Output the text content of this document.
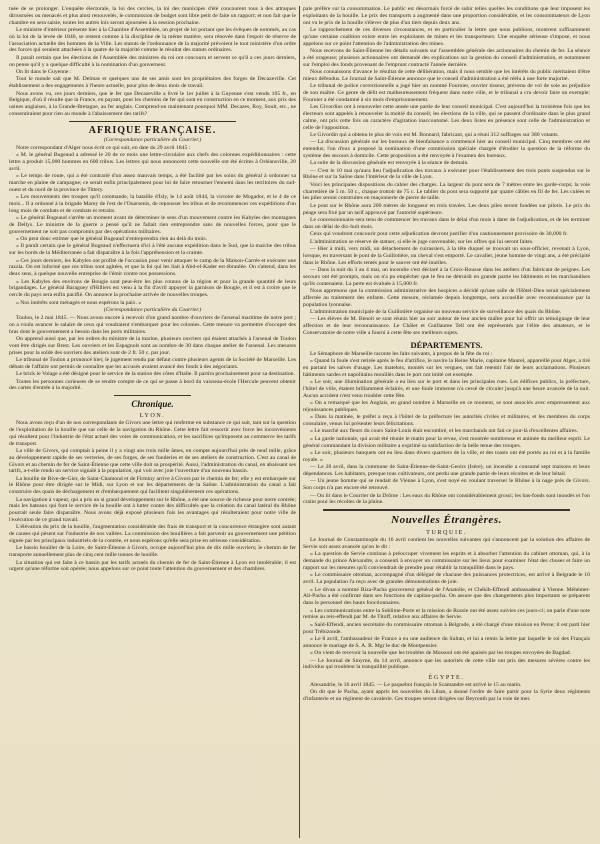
tuée de se prolonger. L'enquête électorale, la loi des cercles, la loi des municipes d'été concourent tous à des attraques dirrostsées ou menacés et plus ainsi renouvelés, le commission de budget sont libre petit de faite un rapport; et non fait que le chambre en sera saisie, toutes les autres lois seront ajournées à la session prochaine.

Le ministre d'intérieur présente hier à la Chambre d'Assemblée, un projet de loi portant que les évêques de nommés, au cas où la loi de la levée de 1846, se restent comme à la discipline de la même matière, sera rénovée dans l'espoir de réserve de l'association actuelle des hommes de la Ville. Les statuts de l'ordonnance de la majorité prévoient le tout ministère d'un ordre des forces qui seraient attachées à la quatre de la majorité comme le résultat des statuts ordinaires.

Il paraît certain que les élections de l'Assemblée des ministres du roi ont concouru et servent ce qu'il a ces jours derniers, on pense qu'il y a quelque difficulté à la nomination d'un gouverneur.

On lit dans le Guyenne :

Tout le monde sait que M. Delmas et quelques uns de ses amis sont les propriétaires des forges de Decazeville. Cet établissement a des engagements à l'heure actuelle, pour plus de deux mois de travail.

Nous avons vu, ces jours derniers, que le fer que Decazeville a livré le 1er juillet à la Guyenne s'est vendu 105 fr., en Belgique, d'où il résulte que la France, en payant, pour les chemins de fer qui sont en construction en ce moment, aux prix des usines anglaises, à la Grande-Bretagne, au fer anglais. Comprend-on maintenant pourquoi MM. Decazes, Roy, Soult, etc., ne consentiraient pour rien au monde à l'abaissement des tarifs?

AFRIQUE FRANÇAISE.
(Correspondance particulière du Courrier.)

Notre correspondant d'Alger nous écrit ce qui suit, en date du 29 avril 1845 :

« M. le général Bugeaud a adressé le 20 de ce mois une lettre-circulaire aux chefs des colonnes expéditionnaires : cette lettre a produit 15,000 hommes en 600 tribus. Les lettres qui nous annoncent cette nouvelle ont été écrites à Orléansville, 20 avril.

« Le temps de route, qui a été contrarié d'un assez mauvais temps, a été facilité par les soins du général à ordonner sa marche en plaine de campagne; ce serait enfin principalement pour lui de faire retourner l'ennemi dans les territoires du sud-ouest et du nord de la province de Tittery.

« Les mouvements des troupes qu'il commande, la bataille d'Isly, le 14 août 1844, la victoire de Mogador, et le 4 de ce mois... Il a ordonné à la brigade Marey de l'est de l'Ouarsenis, de repousser les tribus et de recommencer ces expéditions d'un long mois de combats et de combats et retraits.

« Le général Bugeaud s'arrête un moment avant de déterminer le sens d'un mouvement contre les Kabyles des montagnes de Dellys. Le ministre de la guerre a pensé qu'il ne fallait rien entreprendre sans de nouvelles forces, pour que le gouvernement ne soit pas compromis par des opérations militaires.

« On peut donc estimer que le général Bugeaud n'entreprendra rien au delà du mois.

« Il paraît certain que le général Bugeaud n'effectuera d'ici à l'été aucune expédition dans le Sud, que la marche des tribus sur les bords de la Méditerranée a fait disparaître à la fois l'appréhension et la crainte.

« Ces jours derniers, les Kabyles ont profité de l'occasion pour venir attaquer le camp de la Maison-Carrée et exécuter une razzia. On est informé que ces tribus sont agitées, et que la foi qui les liait à Abd-el-Kader est ébranlée. On s'attend, dans les deux sens, à quelque nouvelle entreprise de l'émir contre nos possessions.

« Les Kabyles des environs de Bougie sont peut-être les plus connus de la région et pour la grande quantité de leurs brigandages. Le général Baraguey d'Hilliers est venu à la fin d'avril appuyer la garnison de Bougie, et il est à croire que le cercle du pays sera enfin pacifié. On annonce la prochaine arrivée de nouvelles troupes.

« Nos intérêts sont ménagés et nous espérons la paix. »

(Correspondance particulière du Courrier.)

Toulon, le 2 mai 1845. — Nous avons encore à recevoir d'un grand nombre d'ouvriers de l'arsenal maritime de notre port ; on a voulu avancer le salaire de ceux qui voudraient s'embarquer pour les colonies. Cette mesure va permettre d'occuper des bras dont le gouvernement a besoin dans les ports militaires.

On apprend aussi que, par les ordres du ministre de la marine, plusieurs ouvriers qui étaient attachés à l'arsenal de Toulon vont être dirigés sur Brest. Les ouvriers et les Espagnols sont au nombre de 30 dans chaque atelier de l'arsenal. Les mesures prises pour la solde des ouvriers des ateliers sont de 2 fr. 50 c. par jour.

Le tribunal de Toulon a prononcé hier, le jugement rendu par défaut contre plusieurs agents de la Société de Marseille. Les débats de l'affaire ont permis de connaître que les accusés avaient avancé des fonds à des négociants.

Le brick le Volage a été désigné pour le service de la station des côtes d'Italie. Il partira prochainement pour sa destination.

Toutes les personnes curieuses de se rendre compte de ce qui se passe à bord du vaisseau-école l'Hercule peuvent obtenir des cartes d'entrée à la majorité.

Chronique.
LYON.

Nous avons reçu d'un de nos correspondants de Givors une lettre qui renferme en substance ce qui suit, tant sur la question de l'exploitation de la houille que sur celle de la navigation du Rhône. Cette lettre fait ressortir avec force les inconvénients qui résultent pour l'industrie de l'état actuel des voies de communication, et les sacrifices qu'imposent au commerce les tarifs de transport.

La ville de Givors, qui comptait à peine il y a vingt ans trois mille âmes, en compte aujourd'hui près de neuf mille, grâce au développement rapide de ses verreries, de ses forges, de ses fonderies et de ses ateliers de construction. C'est au canal de Givors et au chemin de fer de Saint-Étienne que cette ville doit sa prospérité. Aussi, l'administration du canal, en abaissant ses tarifs, a-t-elle rendu un service signalé à la population, qui voit avec joie l'ouverture d'un nouveau bassin.

La houille de Rive-de-Gier, de Saint-Chamond et de Firminy arrive à Givors par le chemin de fer; elle y est embarquée sur le Rhône pour être dirigée sur le Midi, sur Lyon et sur les départements de la Saône. L'administration du canal a fait construire des quais de déchargement et d'embarquement qui facilitent singulièrement ces opérations.

La navigation à vapeur, qui a pris un si grand développement sur le Rhône, a été une source de richesse pour notre contrée; mais les bateaux qui font le service de la houille ont à lutter contre des difficultés que la création du canal latéral du Rhône pourrait seule faire disparaître. Nous avons déjà exposé plusieurs fois les avantages qui résulteraient pour notre ville de l'exécution de ce grand travail.

L'élévation du prix de la houille, l'augmentation considérable des frais de transport et la concurrence étrangère sont autant de causes qui pèsent sur l'industrie de nos vallées. La commission des houillères a fait parvenir au gouvernement une pétition signée par les principaux industriels de la contrée, et nous espérons qu'elle sera prise en sérieuse considération.

Le bassin houiller de la Loire, de Saint-Étienne à Givors, occupe aujourd'hui plus de dix mille ouvriers; le chemin de fer transporte annuellement plus de cinq cent mille tonnes de houille.

La situation qui est faite à ce bassin par les tarifs actuels du chemin de fer de Saint-Étienne à Lyon est intolérable; il est urgent qu'une réforme soit opérée; nous appelons sur ce point toute l'attention du gouvernement et des chambres.

pale préfère sur la consommation. Le public est désormais forcé de subir telles quelles les conditions que leur imposent les exploitants de la houille. Le prix des transports a augmenté dans une proportion considérable, et les consommateurs de Lyon ont vu le prix de la houille s'élever de plus d'un tiers depuis deux ans.

Le rapprochement de ces diverses circonstances, et en particulier la lettre que nous publions, montrent suffisamment qu'une certaine coalition existe entre les exploitants de mines et les transporteurs. Une enquête sérieuse s'impose, et nous appelons sur ce point l'attention de l'administration des mines.

Nous recevons de Saint-Étienne les détails suivants sur l'assemblée générale des actionnaires du chemin de fer. La séance a été orageuse; plusieurs actionnaires ont demandé des explications sur la gestion du conseil d'administration, et notamment sur l'emploi des fonds provenant de l'emprunt contracté l'année dernière.

Nous connaissons d'avance le résultat de cette délibération, mais il nous semble que les intérêts du public méritaient d'être mieux défendus. Le Journal de Saint-Étienne annonce que le conseil d'administration a été réélu à une forte majorité.

Le tribunal de police correctionnelle a jugé hier un nommé Fournier, ouvrier tisseur, prévenu de vol de soie au préjudice de son maître. Ce genre de délit est malheureusement fréquent dans notre ville, et le tribunal a cru devoir faire un exemple; Fournier a été condamné à six mois d'emprisonnement.

Les Givordins ont à renouveler cette année une partie de leur conseil municipal. C'est aujourd'hui la troisième fois que les électeurs sont appelés à renouveler la moitié du conseil; les élections de la ville, qui se passent d'ordinaire dans le plus grand calme, ont pris cette fois un caractère d'agitation inaccoutumé. Les deux listes en présence sont celle de l'administration et celle de l'opposition.

Le Givordin qui a obtenu le plus de voix est M. Bonnard, fabricant, qui a réuni 312 suffrages sur 380 votants.

— La discussion générale sur les bureaux de bienfaisance a commencé hier au conseil municipal. Cinq membres ont été entendus; l'un d'eux a proposé la nomination d'une commission spéciale chargée d'étudier la question de la réforme du système des secours à domicile. Cette proposition a été renvoyée à l'examen des bureaux.

La suite de la discussion générale est renvoyée à la séance de demain.

— C'est le 10 mai qu'aura lieu l'adjudication des travaux à exécuter pour l'établissement des trois ponts suspendus sur le Rhône et sur la Saône dans l'intérieur de la ville de Lyon.

Voici les principales dispositions du cahier des charges. La largeur du pont sera de 7 mètres entre les garde-corps; la voie charretière de 5 m. 50 c., chaque trottoir de 75 c. Le tablier du pont sera supporté par quatre câbles en fil de fer. Les culées et les piles seront construites en maçonnerie de pierre de taille.

Le pont sur le Rhône aura 200 mètres de longueur en trois travées. Les deux piles seront fondées sur pilotis. Le prix du péage sera fixé par un tarif approuvé par l'autorité supérieure.

Le concessionnaire sera tenu de commencer les travaux dans le délai d'un mois à dater de l'adjudication, et de les terminer dans un délai de dix-huit mois.

Ceux qui voudront concourir pour cette adjudication devront justifier d'un cautionnement provisoire de 30,000 fr.

L'administration se réserve de statuer, si elle le juge convenable, sur les offres qui lui seront faites.

— Hier à midi, vers midi, un détachement de cuirassiers, à la tête duquel se trouvait un sous-officier, revenait à Lyon, lorsque, en traversant le pont de la Guillotière, un cheval s'est emporté. Le cavalier, jeune homme de vingt ans, a été précipité dans le Rhône. Les efforts tentés pour le sauver ont été inutiles.

— Dans la nuit du 3 au 4 mai, un incendie s'est déclaré à la Croix-Rousse dans les ateliers d'un fabricant de peignes. Les secours ont été prompts, mais on n'a pu empêcher que le feu ne détruisît en grande partie les bâtiments et les marchandises qu'ils contenaient. La perte est évaluée à 15,000 fr.

Nous apprenons que la commission administrative des hospices a décidé qu'une salle de l'Hôtel-Dieu serait spécialement affectée au traitement des enfants. Cette mesure, réclamée depuis longtemps, sera accueillie avec reconnaissance par la population lyonnaise.

L'administration municipale de la Guillotière organise un nouveau service de surveillance des quais du Rhône.

— Les élèves de M. Benoit se sont réunis hier au soir autour de leur ancien maître pour lui offrir un témoignage de leur affection et de leur reconnaissance. Le Châlet et Guillaume Tell ont été représentés par l'élite des amateurs, et le Conservatoire de notre ville a fourni à cette fête ses meilleurs sujets.

DÉPARTEMENTS.

Le Sémaphore de Marseille raconte les faits suivants, à propos de la fête du roi :

« Quand la foule s'est retirée après le feu d'artifice, le navire la Reine Marie, capitaine Maurel, appareillé pour Alger, a tiré en partant les salves d'usage. Les matelots, montés sur les vergues, ont fait retentir l'air de leurs acclamations. Plusieurs bâtiments sardes et napolitains mouillés dans le port ont imité cet exemple.

« Le soir, une illumination générale a eu lieu sur le port et dans les principales rues. Les édifices publics, la préfecture, l'hôtel de ville, étaient brillamment éclairés, et une foule immense n'a cessé de circuler jusqu'à une heure avancée de la nuit. Aucun accident n'est venu troubler cette fête.

« On a remarqué que les Anglais, en grand nombre à Marseille en ce moment, se sont associés avec empressement aux réjouissances publiques.

« Dans la matinée, le préfet a reçu à l'hôtel de la préfecture les autorités civiles et militaires, et les membres du corps consulaire, venus lui présenter leurs félicitations.

« Le marché aux fleurs du cours Saint-Louis était encombré, et les marchands ont fait ce jour-là d'excellentes affaires.

« La garde nationale, qui avait été réunie le matin pour la revue, s'est montrée nombreuse et animée du meilleur esprit. Le général commandant la division militaire a exprimé sa satisfaction de la belle tenue des troupes.

« Le soir, plusieurs banquets ont eu lieu dans divers quartiers de la ville, et des toasts ont été portés au roi et à la famille royale. »

— Le 28 avril, dans la commune de Saint-Étienne-de-Saint-Geoirs (Isère), un incendie a consumé sept maisons et leurs dépendances. Les habitants, presque tous cultivateurs, ont perdu une grande partie de leurs récoltes et de leur bétail.

— Un jeune homme qui se rendait de Vienne à Lyon, s'est noyé en voulant traverser le Rhône à la nage près de Givors. Son corps n'a pas encore été retrouvé.

— On lit dans le Courrier de la Drôme : Les eaux du Rhône ont considérablement grossi; les bas-fonds sont inondés et l'on craint pour les récoltes de la plaine.

Nouvelles Étrangères.
TURQUIE.

Le Journal de Constantinople du 16 avril contient les nouvelles suivantes qui s'annoncent par la solution des affaires de Servie soit assez avancée qu'on le dit :

« La question de Servie continue à préoccuper vivement les esprits et à absorber l'attention du cabinet ottoman, qui, à la demande du prince Alexandre, a consenti à envoyer un commissaire sur les lieux pour examiner l'état des choses et faire un rapport sur les mesures qu'il conviendrait de prendre pour rétablir la tranquillité dans le pays.

« Le commissaire ottoman, accompagné d'un délégué de chacune des puissances protectrices, est arrivé à Belgrade le 10 avril. La population l'a reçu avec de grandes démonstrations de joie.

« Le divan a nommé Riza-Pacha gouverneur général de l'Anatolie, et Chékib-Effendi ambassadeur à Vienne. Méhémet-Ali-Pacha a été confirmé dans ses fonctions de capitan-pacha. On assure que des changements plus importants se préparent dans le personnel des hauts fonctionnaires.

« Les communications entre la Sublime-Porte et la mission de Russie ont été assez suivies ces jours-ci; on parle d'une note remise au reis-effendi par M. de Titoff, relative aux affaires de Servie.

« Saïd-Effendi, ancien secrétaire du commissaire ottoman à Belgrade, a été chargé d'une mission en Perse; il est parti hier pour Trébizonde.

« Le 8 avril, l'ambassadeur de France a eu une audience du Sultan, et lui a remis la lettre par laquelle le roi des Français annonce le mariage de S. A. R. Mgr le duc de Montpensier.

« On vient de recevoir la nouvelle que les troubles de Mossoul ont été apaisés par les troupes envoyées de Bagdad.

— Le Journal de Smyrne, du 14 avril, annonce que les autorités de cette ville ont pris des mesures sévères contre les individus qui troublent la tranquillité publique.

ÉGYPTE.

Alexandrie, le 16 avril 1845. — Le paquebot français le Scamandre est arrivé le 15 au matin.

On dit que le Pacha, ayant appris les nouvelles du Liban, a donné l'ordre de faire partir pour la Syrie deux régiments d'infanterie et un régiment de cavalerie. Ces troupes seront dirigées sur Beyrouth par la voie de mer.
